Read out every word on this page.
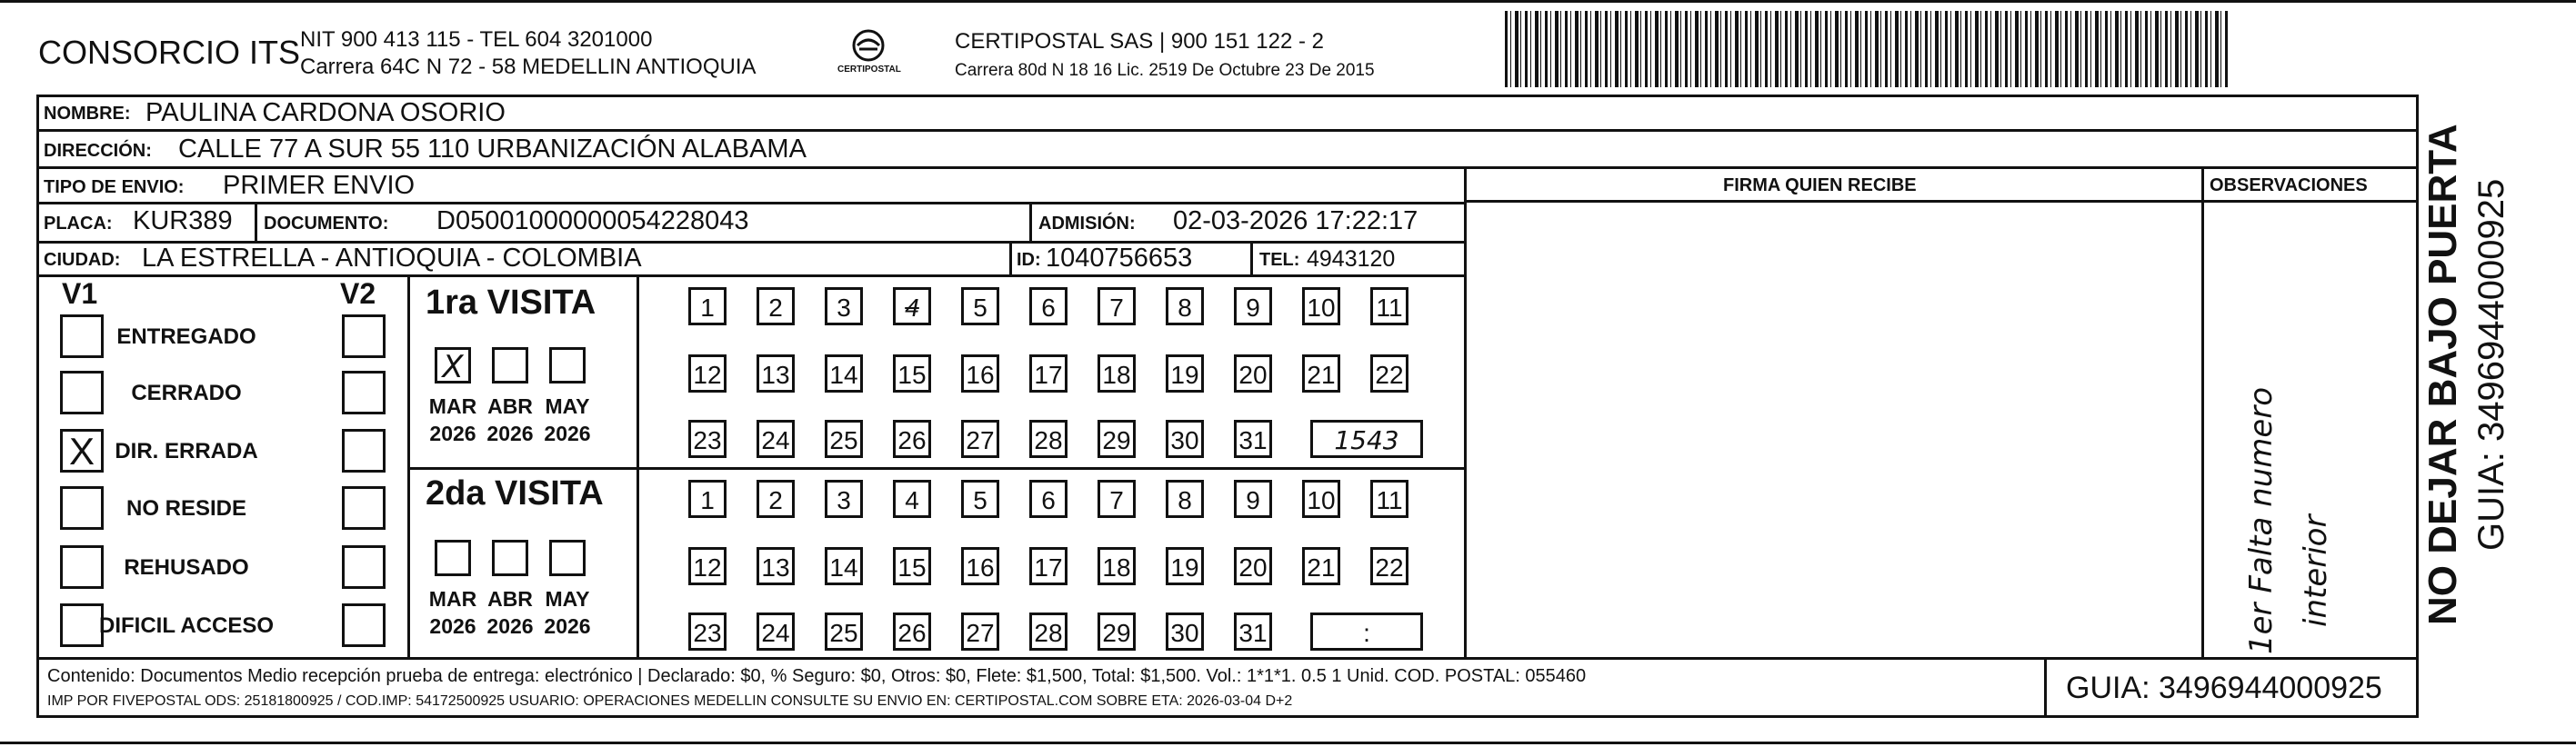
CONSORCIO ITS NIT 900 413 115 - TEL 604 3201000
Carrera 64C N 72 - 58 MEDELLIN ANTIOQUIA	CERTIPOSTAL
CERTIPOSTAL SAS | 900 151 122 - 2
Carrera 80d N 18 16 Lic. 2519 De Octubre 23 De 2015
NOMBRE: PAULINA CARDONA OSORIO
DIRECCIÓN: CALLE 77 A SUR 55 110 URBANIZACIÓN ALABAMA
TIPO DE ENVIO: PRIMER ENVIO	FIRMA QUIEN RECIBE	OBSERVACIONES
PLACA: KUR389 DOCUMENTO: D05001000000054228043	ADMISIÓN: 02-03-2026 17:22:17
CIUDAD: LA ESTRELLA - ANTIOQUIA - COLOMBIA	ID: 1040756653	TEL: 4943120
V1	V2
ENTREGADO
CERRADO
X DIR. ERRADA
NO RESIDE
REHUSADO
DIFICIL ACCESO
1ra VISITA
2da VISITA
X
MAR
2026
ABR
2026
MAY
2026
1	2	3	4	5	6	7	8	9	10 11
12 13 14 15 16 17 18 19 20 21 22
23 24 25 26 27 28 29 30 31	1543
MAR
2026
ABR
2026
MAY
2026
1	2	3	4	5	6	7	8	9	10 11
12 13 14 15 16 17 18 19 20 21 22
23 24 25 26 27 28 29 30 31	:	1er Falta numero interior
Contenido: Documentos Medio recepción prueba de entrega: electrónico | Declarado: $0, % Seguro: $0, Otros: $0, Flete: $1,500, Total: $1,500. Vol.: 1*1*1. 0.5 1 Unid. COD. POSTAL: 055460
IMP POR FIVEPOSTAL ODS: 25181800925 / COD.IMP: 54172500925 USUARIO: OPERACIONES MEDELLIN CONSULTE SU ENVIO EN: CERTIPOSTAL.COM SOBRE ETA: 2026-03-04 D+2	GUIA: 3496944000925
NO DEJAR BAJO PUERTA GUIA: 3496944000925
